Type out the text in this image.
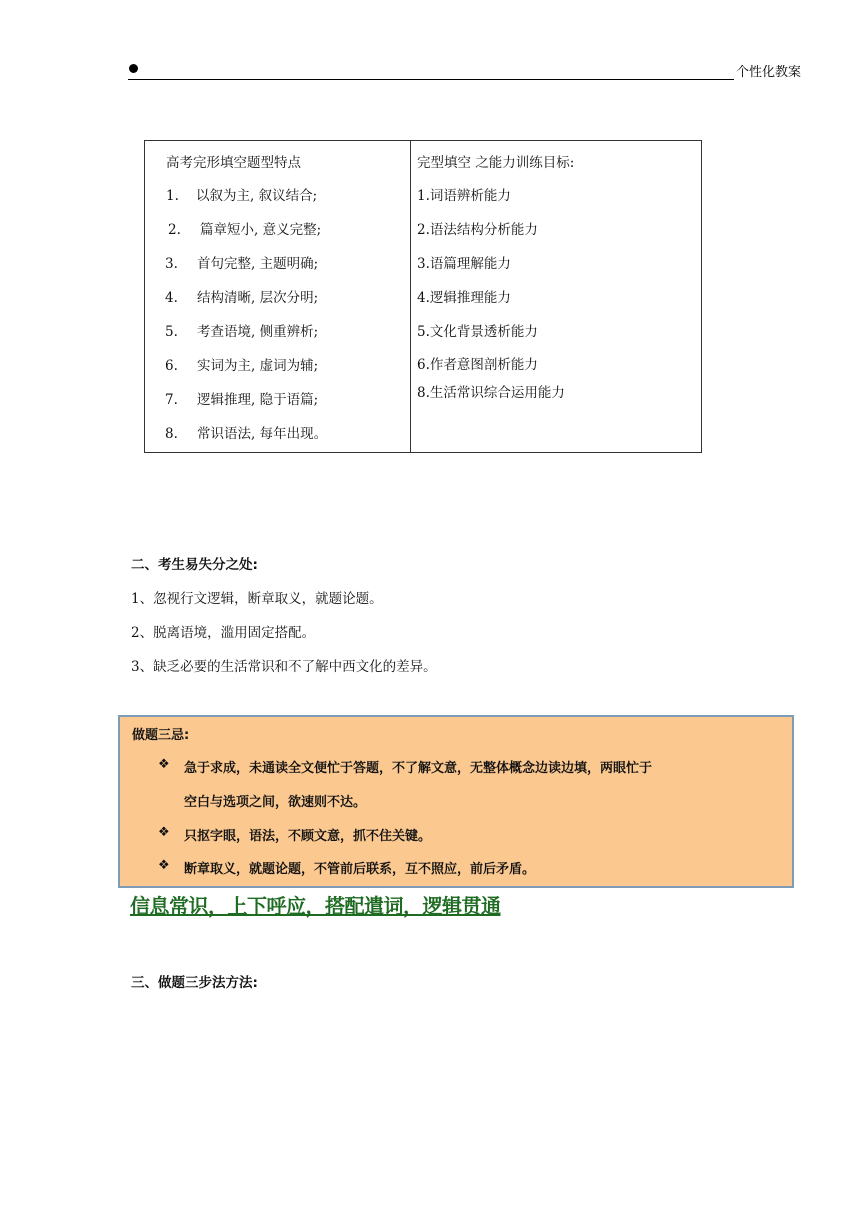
个性化教案
高考完形填空题型特点
1. 以叙为主, 叙议结合;
2. 篇章短小, 意义完整;
3. 首句完整, 主题明确;
4. 结构清晰, 层次分明;
5. 考查语境, 侧重辨析;
6. 实词为主, 虚词为辅;
7. 逻辑推理, 隐于语篇;
8. 常识语法, 每年出现。
完型填空 之能力训练目标:
1.词语辨析能力
2.语法结构分析能力
3.语篇理解能力
4.逻辑推理能力
5.文化背景透析能力
6.作者意图剖析能力
8.生活常识综合运用能力
二、考生易失分之处:
1、忽视行文逻辑，断章取义，就题论题。
2、脱离语境，滥用固定搭配。
3、缺乏必要的生活常识和不了解中西文化的差异。
做题三忌:
❖ 急于求成，未通读全文便忙于答题，不了解文意，无整体概念边读边填，两眼忙于
空白与选项之间，欲速则不达。
❖ 只抠字眼，语法，不顾文意，抓不住关键。
❖ 断章取义，就题论题，不管前后联系，互不照应，前后矛盾。
信息常识，上下呼应，搭配遣词，逻辑贯通
三、做题三步法方法:
